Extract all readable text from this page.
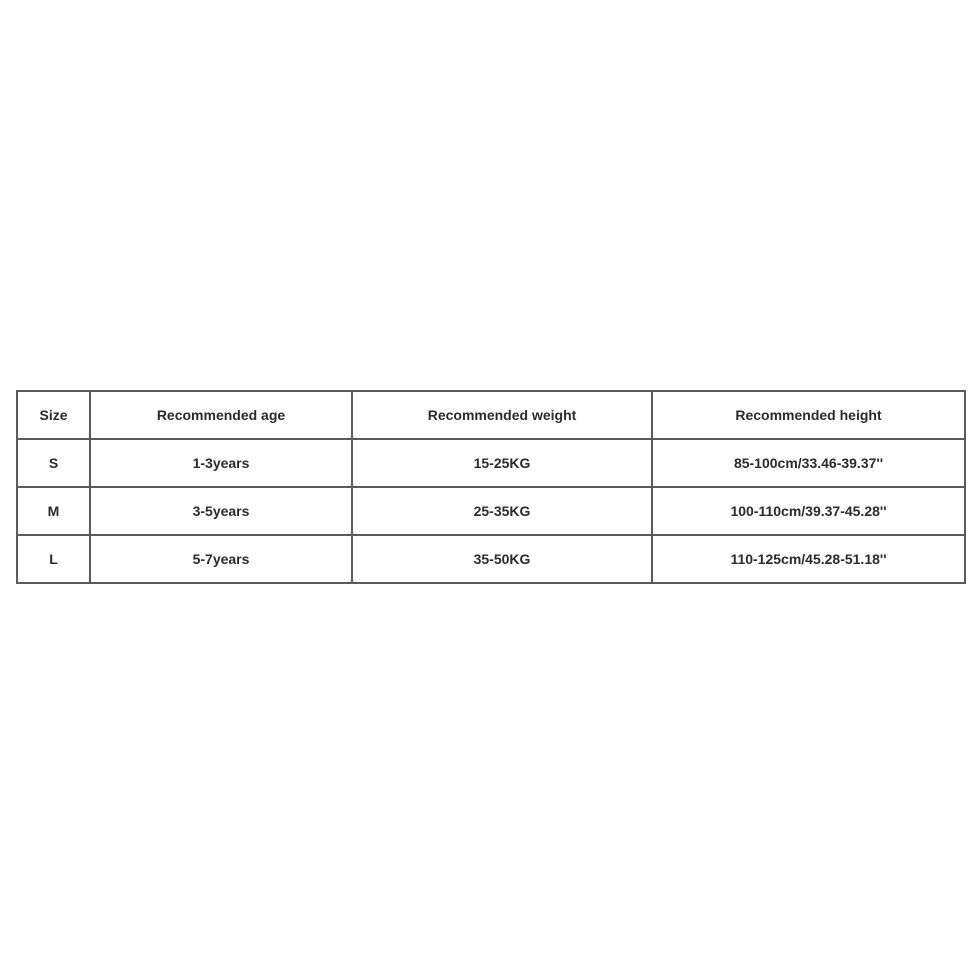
Size	Recommended age	Recommended weight	Recommended height
S	1-3years	15-25KG	85-100cm/33.46-39.37''
M	3-5years	25-35KG	100-110cm/39.37-45.28''
L	5-7years	35-50KG	110-125cm/45.28-51.18''
